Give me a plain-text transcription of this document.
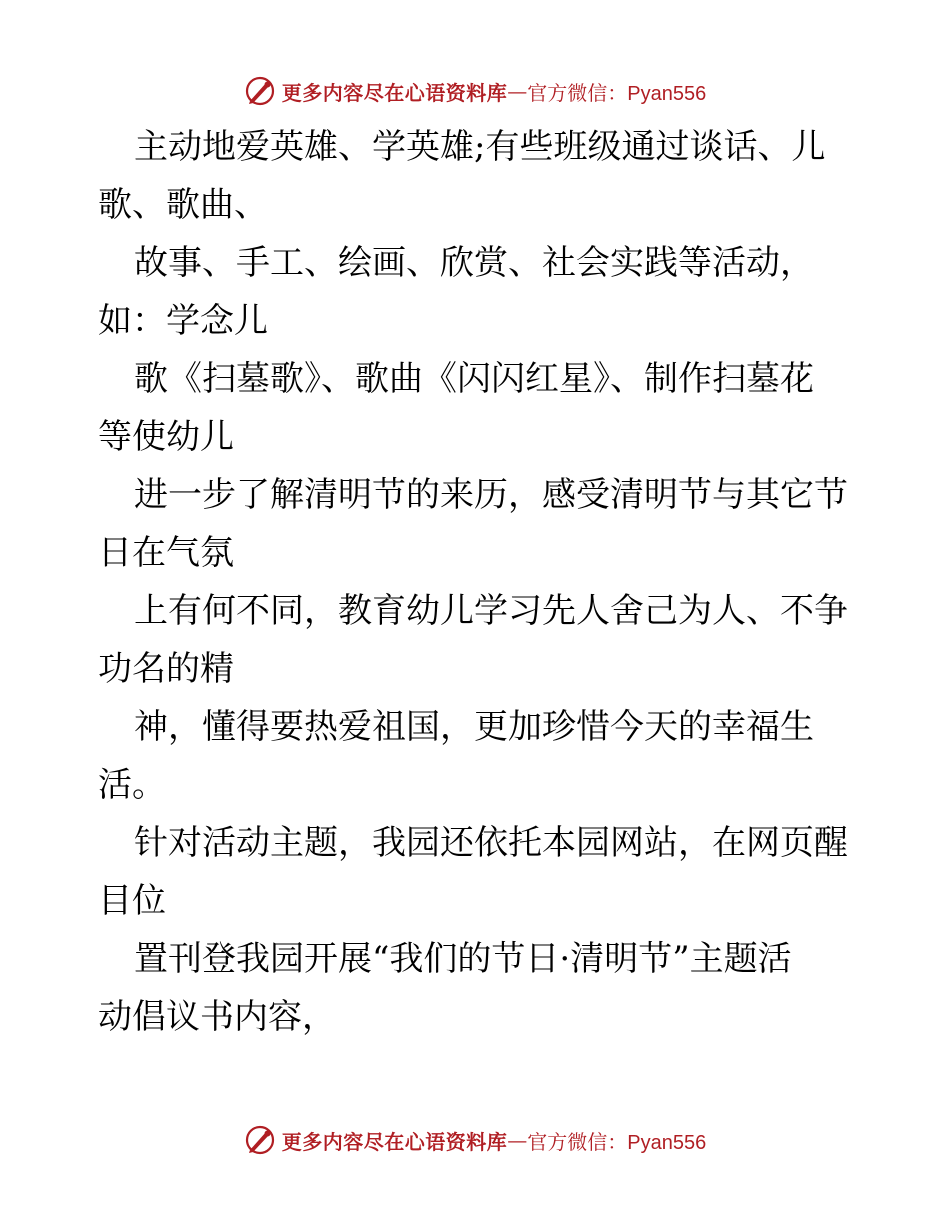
更多内容尽在心语资料库 — 官方微信：Pyan556
主动地爱英雄、学英雄;有些班级通过谈话、儿
歌、歌曲、
故事、手工、绘画、欣赏、社会实践等活动，
如：学念儿
歌《扫墓歌》、歌曲《闪闪红星》、制作扫墓花
等使幼儿
进一步了解清明节的来历，感受清明节与其它节
日在气氛
上有何不同，教育幼儿学习先人舍己为人、不争
功名的精
神，懂得要热爱祖国，更加珍惜今天的幸福生
活。
针对活动主题，我园还依托本园网站，在网页醒
目位
置刊登我园开展“我们的节日·清明节”主题活
动倡议书内容，
更多内容尽在心语资料库 — 官方微信：Pyan556
